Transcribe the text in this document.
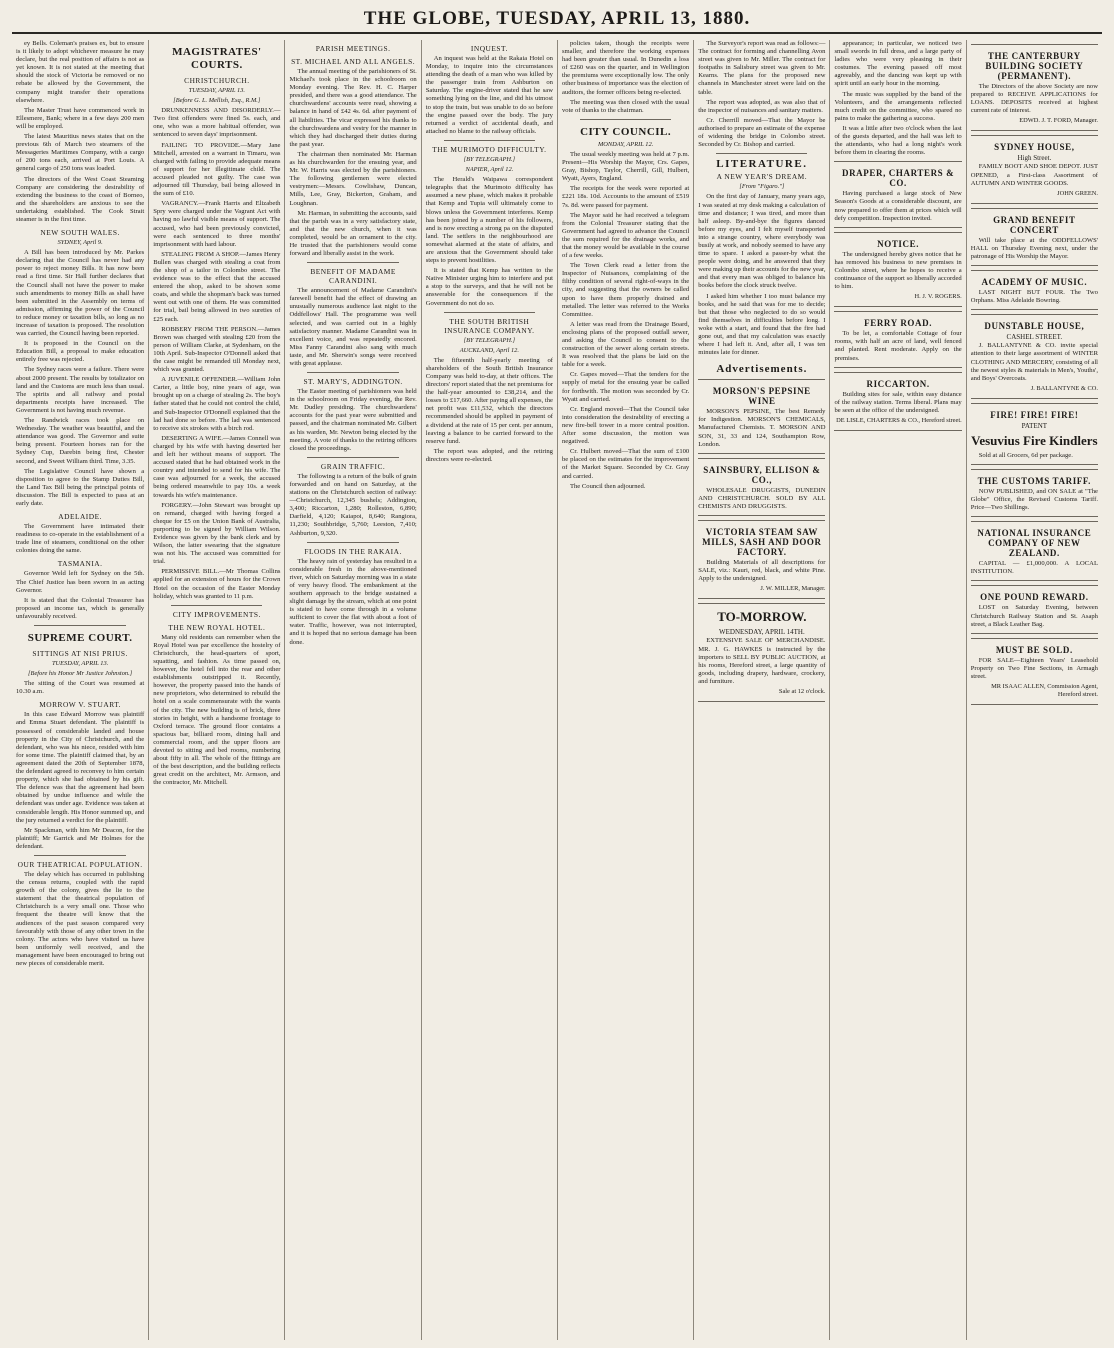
THE GLOBE, TUESDAY, APRIL 13, 1880.

ey Bells. Coleman's praises ex, but to ensure is it likely to adopt whichever measure he may declare, but the real position of affairs is not as yet known. It is not stated at the meeting that should the stock of Victoria be removed or no rebate be allowed by the Government, the company might transfer their operations elsewhere.

The Master Trust have commenced work in Ellesmere, Bank; where in a few days 200 men will be employed.

The latest Mauritius news states that on the previous 6th of March two steamers of the Messageries Maritimes Company, with a cargo of 200 tons each, arrived at Port Louis. A general cargo of 250 tons was loaded.

The directors of the West Coast Steaming Company are considering the desirability of extending the business to the coast of Borneo, and the shareholders are anxious to see the undertaking established. The Cook Strait steamer is in the first time.

NEW SOUTH WALES.
SYDNEY, April 9.

A Bill has been introduced by Mr. Parkes declaring that the Council has never had any power to reject money Bills. It has now been read a first time. Sir Hall further declares that the Council shall not have the power to make such amendments to money Bills as shall have been submitted in the Assembly on terms of admission, affirming the power of the Council to reduce money or taxation bills, so long as no increase of taxation is proposed. The resolution was carried, the Council having been reported.

It is proposed in the Council on the Education Bill, a proposal to make education entirely free was rejected.

The Sydney races were a failure. There were about 2000 present. The results by totalizator on land and the Customs are much less than usual. The spirits and all railway and postal departments receipts have increased. The Government is not having much revenue.

The Randwick races took place on Wednesday. The weather was beautiful, and the attendance was good. The Governor and suite being present. Fourteen horses ran for the Sydney Cup, Darebin being first, Chester second, and Sweet William third. Time, 3.35.

The Legislative Council have shown a disposition to agree to the Stamp Duties Bill, the Land Tax Bill being the principal points of discussion. The Bill is expected to pass at an early date.

ADELAIDE.

The Government have intimated their readiness to co-operate in the establishment of a trade line of steamers, conditional on the other colonies doing the same.

TASMANIA.

Governor Weld left for Sydney on the 5th. The Chief Justice has been sworn in as acting Governor.

It is stated that the Colonial Treasurer has proposed an income tax, which is generally unfavourably received.

SUPREME COURT.
SITTINGS AT NISI PRIUS.
TUESDAY, APRIL 13.
[Before his Honor Mr Justice Johnston.]

The sitting of the Court was resumed at 10.30 a.m.

MORROW V. STUART.

In this case Edward Morrow was plaintiff and Emma Stuart defendant. The plaintiff is possessed of considerable landed and house property in the City of Christchurch, and the defendant, who was his niece, resided with him for some time. The plaintiff claimed that, by an agreement dated the 20th of September 1878, the defendant agreed to reconvey to him certain property, which she had obtained by his gift. The defence was that the agreement had been obtained by undue influence and while the defendant was under age. Evidence was taken at considerable length. His Honor summed up, and the jury returned a verdict for the plaintiff.

Mr Spackman, with him Mr Deacon, for the plaintiff; Mr Garrick and Mr Holmes for the defendant.

OUR THEATRICAL POPULATION.

The delay which has occurred in publishing the census returns, coupled with the rapid growth of the colony, gives the lie to the statement that the theatrical population of Christchurch is a very small one. Those who frequent the theatre will know that the audiences of the past season compared very favourably with those of any other town in the colony. The actors who have visited us have been uniformly well received, and the management have been encouraged to bring out new pieces of considerable merit.

MAGISTRATES' COURTS.
CHRISTCHURCH.
TUESDAY, APRIL 13.
[Before G. L. Mellish, Esq., R.M.]

DRUNKENNESS AND DISORDERLY.—Two first offenders were fined 5s. each, and one, who was a more habitual offender, was sentenced to seven days' imprisonment.

FAILING TO PROVIDE.—Mary Jane Mitchell, arrested on a warrant in Timaru, was charged with failing to provide adequate means of support for her illegitimate child. The accused pleaded not guilty. The case was adjourned till Thursday, bail being allowed in the sum of £10.

VAGRANCY.—Frank Harris and Elizabeth Spry were charged under the Vagrant Act with having no lawful visible means of support. The accused, who had been previously convicted, were each sentenced to three months' imprisonment with hard labour.

STEALING FROM A SHOP.—James Henry Bullen was charged with stealing a coat from the shop of a tailor in Colombo street. The evidence was to the effect that the accused entered the shop, asked to be shown some coats, and while the shopman's back was turned went out with one of them. He was committed for trial, bail being allowed in two sureties of £25 each.

ROBBERY FROM THE PERSON.—James Brown was charged with stealing £20 from the person of William Clarke, at Sydenham, on the 10th April. Sub-Inspector O'Donnell asked that the case might be remanded till Monday next, which was granted.

A JUVENILE OFFENDER.—William John Carter, a little boy, nine years of age, was brought up on a charge of stealing 2s. The boy's father stated that he could not control the child, and Sub-Inspector O'Donnell explained that the lad had done so before. The lad was sentenced to receive six strokes with a birch rod.

DESERTING A WIFE.—James Connell was charged by his wife with having deserted her and left her without means of support. The accused stated that he had obtained work in the country and intended to send for his wife. The case was adjourned for a week, the accused being ordered meanwhile to pay 10s. a week towards his wife's maintenance.

FORGERY.—John Stewart was brought up on remand, charged with having forged a cheque for £5 on the Union Bank of Australia, purporting to be signed by William Wilson. Evidence was given by the bank clerk and by Wilson, the latter swearing that the signature was not his. The accused was committed for trial.

PERMISSIVE BILL.—Mr Thomas Collins applied for an extension of hours for the Crown Hotel on the occasion of the Easter Monday holiday, which was granted to 11 p.m.

CITY IMPROVEMENTS.
THE NEW ROYAL HOTEL.

Many old residents can remember when the Royal Hotel was par excellence the hostelry of Christchurch, the head-quarters of sport, squatting, and fashion. As time passed on, however, the hotel fell into the rear and other establishments outstripped it. Recently, however, the property passed into the hands of new proprietors, who determined to rebuild the hotel on a scale commensurate with the wants of the city. The new building is of brick, three stories in height, with a handsome frontage to Oxford terrace. The ground floor contains a spacious bar, billiard room, dining hall and commercial room, and the upper floors are devoted to sitting and bed rooms, numbering about fifty in all. The whole of the fittings are of the best description, and the building reflects great credit on the architect, Mr. Armson, and the contractor, Mr. Mitchell.

PARISH MEETINGS.
ST. MICHAEL AND ALL ANGELS.

The annual meeting of the parishioners of St. Michael's took place in the schoolroom on Monday evening. The Rev. H. C. Harper presided, and there was a good attendance. The churchwardens' accounts were read, showing a balance in hand of £42 4s. 6d. after payment of all liabilities. The vicar expressed his thanks to the churchwardens and vestry for the manner in which they had discharged their duties during the past year.

The chairman then nominated Mr. Harman as his churchwarden for the ensuing year, and Mr. W. Harris was elected by the parishioners. The following gentlemen were elected vestrymen:—Messrs. Cowlishaw, Duncan, Mills, Lee, Gray, Bickerton, Graham, and Loughnan.

Mr. Harman, in submitting the accounts, said that the parish was in a very satisfactory state, and that the new church, when it was completed, would be an ornament to the city. He trusted that the parishioners would come forward and liberally assist in the work.

BENEFIT OF MADAME CARANDINI.

The announcement of Madame Carandini's farewell benefit had the effect of drawing an unusually numerous audience last night to the Oddfellows' Hall. The programme was well selected, and was carried out in a highly satisfactory manner. Madame Carandini was in excellent voice, and was repeatedly encored. Miss Fanny Carandini also sang with much taste, and Mr. Sherwin's songs were received with great applause.

ST. MARY'S, ADDINGTON.

The Easter meeting of parishioners was held in the schoolroom on Friday evening, the Rev. Mr. Dudley presiding. The churchwardens' accounts for the past year were submitted and passed, and the chairman nominated Mr. Gilbert as his warden, Mr. Newton being elected by the meeting. A vote of thanks to the retiring officers closed the proceedings.

GRAIN TRAFFIC.

The following is a return of the bulk of grain forwarded and on hand on Saturday, at the stations on the Christchurch section of railway:—Christchurch, 12,345 bushels; Addington, 3,400; Riccarton, 1,280; Rolleston, 6,890; Darfield, 4,120; Kaiapoi, 8,640; Rangiora, 11,230; Southbridge, 5,760; Leeston, 7,410; Ashburton, 9,320.

FLOODS IN THE RAKAIA.

The heavy rain of yesterday has resulted in a considerable fresh in the above-mentioned river, which on Saturday morning was in a state of very heavy flood. The embankment at the southern approach to the bridge sustained a slight damage by the stream, which at one point is stated to have come through in a volume sufficient to cover the flat with about a foot of water. Traffic, however, was not interrupted, and it is hoped that no serious damage has been done.

INQUEST.

An inquest was held at the Rakaia Hotel on Monday, to inquire into the circumstances attending the death of a man who was killed by the passenger train from Ashburton on Saturday. The engine-driver stated that he saw something lying on the line, and did his utmost to stop the train, but was unable to do so before the engine passed over the body. The jury returned a verdict of accidental death, and attached no blame to the railway officials.

THE MURIMOTO DIFFICULTY.
[BY TELEGRAPH.]
NAPIER, April 12.

The Herald's Waipawa correspondent telegraphs that the Murimoto difficulty has assumed a new phase, which makes it probable that Kemp and Tupia will ultimately come to blows unless the Government interferes. Kemp has been joined by a number of his followers, and is now erecting a strong pa on the disputed land. The settlers in the neighbourhood are somewhat alarmed at the state of affairs, and are anxious that the Government should take steps to prevent hostilities.

It is stated that Kemp has written to the Native Minister urging him to interfere and put a stop to the surveys, and that he will not be answerable for the consequences if the Government do not do so.

THE SOUTH BRITISH INSURANCE COMPANY.
[BY TELEGRAPH.]
AUCKLAND, April 12.

The fifteenth half-yearly meeting of shareholders of the South British Insurance Company was held to-day, at their offices. The directors' report stated that the net premiums for the half-year amounted to £38,214, and the losses to £17,660. After paying all expenses, the net profit was £11,532, which the directors recommended should be applied in payment of a dividend at the rate of 15 per cent. per annum, leaving a balance to be carried forward to the reserve fund.

The report was adopted, and the retiring directors were re-elected.

policies taken, though the receipts were smaller, and therefore the working expenses had been greater than usual. In Dunedin a loss of £260 was on the quarter, and in Wellington the premiums were exceptionally low. The only other business of importance was the election of auditors, the former officers being re-elected.

The meeting was then closed with the usual vote of thanks to the chairman.

CITY COUNCIL.
MONDAY, APRIL 12.

The usual weekly meeting was held at 7 p.m. Present—His Worship the Mayor, Crs. Gapes, Gray, Bishop, Taylor, Cherrill, Gill, Hulbert, Wyatt, Ayers, England.

The receipts for the week were reported at £221 18s. 10d. Accounts to the amount of £519 7s. 8d. were passed for payment.

The Mayor said he had received a telegram from the Colonial Treasurer stating that the Government had agreed to advance the Council the sum required for the drainage works, and that the money would be available in the course of a few weeks.

The Town Clerk read a letter from the Inspector of Nuisances, complaining of the filthy condition of several right-of-ways in the city, and suggesting that the owners be called upon to have them properly drained and metalled. The letter was referred to the Works Committee.

A letter was read from the Drainage Board, enclosing plans of the proposed outfall sewer, and asking the Council to consent to the construction of the sewer along certain streets. It was resolved that the plans be laid on the table for a week.

Cr. Gapes moved—That the tenders for the supply of metal for the ensuing year be called for forthwith. The motion was seconded by Cr. Wyatt and carried.

Cr. England moved—That the Council take into consideration the desirability of erecting a new fire-bell tower in a more central position. After some discussion, the motion was negatived.

Cr. Hulbert moved—That the sum of £100 be placed on the estimates for the improvement of the Market Square. Seconded by Cr. Gray and carried.

The Council then adjourned.

The Surveyor's report was read as follows:—The contract for forming and channelling Avon street was given to Mr. Miller. The contract for footpaths in Salisbury street was given to Mr. Kearns. The plans for the proposed new channels in Manchester street were laid on the table.

The report was adopted, as was also that of the inspector of nuisances and sanitary matters.

Cr. Cherrill moved—That the Mayor be authorised to prepare an estimate of the expense of widening the bridge in Colombo street. Seconded by Cr. Bishop and carried.

LITERATURE.
A NEW YEAR'S DREAM.
[From "Figaro."]

On the first day of January, many years ago, I was seated at my desk making a calculation of time and distance; I was tired, and more than half asleep. By-and-bye the figures danced before my eyes, and I felt myself transported into a strange country, where everybody was busily at work, and nobody seemed to have any time to spare. I asked a passer-by what the people were doing, and he answered that they were making up their accounts for the new year, and that every man was obliged to balance his books before the clock struck twelve.

I asked him whether I too must balance my books, and he said that was for me to decide; but that those who neglected to do so would find themselves in difficulties before long. I woke with a start, and found that the fire had gone out, and that my calculation was exactly where I had left it. And, after all, I was ten minutes late for dinner.

Advertisements.
MORSON'S PEPSINE WINE

MORSON'S PEPSINE, The best Remedy for Indigestion. MORSON'S CHEMICALS, Manufactured Chemists. T. MORSON AND SON, 31, 33 and 124, Southampton Row, London.

SAINSBURY, ELLISON & CO.,

WHOLESALE DRUGGISTS, DUNEDIN AND CHRISTCHURCH. SOLD BY ALL CHEMISTS AND DRUGGISTS.

VICTORIA STEAM SAW MILLS, SASH AND DOOR FACTORY.

Building Materials of all descriptions for SALE, viz.: Kauri, red, black, and white Pine. Apply to the undersigned.

J. W. MILLER, Manager.
TO-MORROW.
WEDNESDAY, APRIL 14TH.

EXTENSIVE SALE OF MERCHANDISE. MR. J. G. HAWKES is instructed by the importers to SELL BY PUBLIC AUCTION, at his rooms, Hereford street, a large quantity of goods, including drapery, hardware, crockery, and furniture.

Sale at 12 o'clock.

appearance; in particular, we noticed two small swords in full dress, and a large party of ladies who were very pleasing in their costumes. The evening passed off most agreeably, and the dancing was kept up with spirit until an early hour in the morning.

The music was supplied by the band of the Volunteers, and the arrangements reflected much credit on the committee, who spared no pains to make the gathering a success.

It was a little after two o'clock when the last of the guests departed, and the hall was left to the attendants, who had a long night's work before them in clearing the rooms.

DRAPER, CHARTERS & CO.

Having purchased a large stock of New Season's Goods at a considerable discount, are now prepared to offer them at prices which will defy competition. Inspection invited.

NOTICE.

The undersigned hereby gives notice that he has removed his business to new premises in Colombo street, where he hopes to receive a continuance of the support so liberally accorded to him.

H. J. V. ROGERS.
FERRY ROAD.

To be let, a comfortable Cottage of four rooms, with half an acre of land, well fenced and planted. Rent moderate. Apply on the premises.

RICCARTON.

Building sites for sale, within easy distance of the railway station. Terms liberal. Plans may be seen at the office of the undersigned.

DE LISLE, CHARTERS & CO., Hereford street.
THE CANTERBURY BUILDING SOCIETY (PERMANENT).

The Directors of the above Society are now prepared to RECEIVE APPLICATIONS for LOANS. DEPOSITS received at highest current rate of interest.

EDWD. J. T. FORD, Manager.
SYDNEY HOUSE,
High Street.

FAMILY BOOT AND SHOE DEPOT. JUST OPENED, a First-class Assortment of AUTUMN AND WINTER GOODS.

JOHN GREEN.
GRAND BENEFIT CONCERT

Will take place at the ODDFELLOWS' HALL on Thursday Evening next, under the patronage of His Worship the Mayor.

ACADEMY OF MUSIC.

LAST NIGHT BUT FOUR. The Two Orphans. Miss Adelaide Bowring.

DUNSTABLE HOUSE,
CASHEL STREET.

J. BALLANTYNE & CO. invite special attention to their large assortment of WINTER CLOTHING AND MERCERY, consisting of all the newest styles & materials in Men's, Youths', and Boys' Overcoats.

J. BALLANTYNE & CO.
FIRE! FIRE! FIRE!
PATENT
Vesuvius Fire Kindlers

Sold at all Grocers, 6d per package.

THE CUSTOMS TARIFF.

NOW PUBLISHED, and ON SALE at "The Globe" Office, the Revised Customs Tariff. Price—Two Shillings.

NATIONAL INSURANCE COMPANY OF NEW ZEALAND.

CAPITAL — £1,000,000. A LOCAL INSTITUTION.

ONE POUND REWARD.

LOST on Saturday Evening, between Christchurch Railway Station and St. Asaph street, a Black Leather Bag.

MUST BE SOLD.

FOR SALE—Eighteen Years' Leasehold Property on Two Fine Sections, in Armagh street.

MR ISAAC ALLEN, Commission Agent, Hereford street.
